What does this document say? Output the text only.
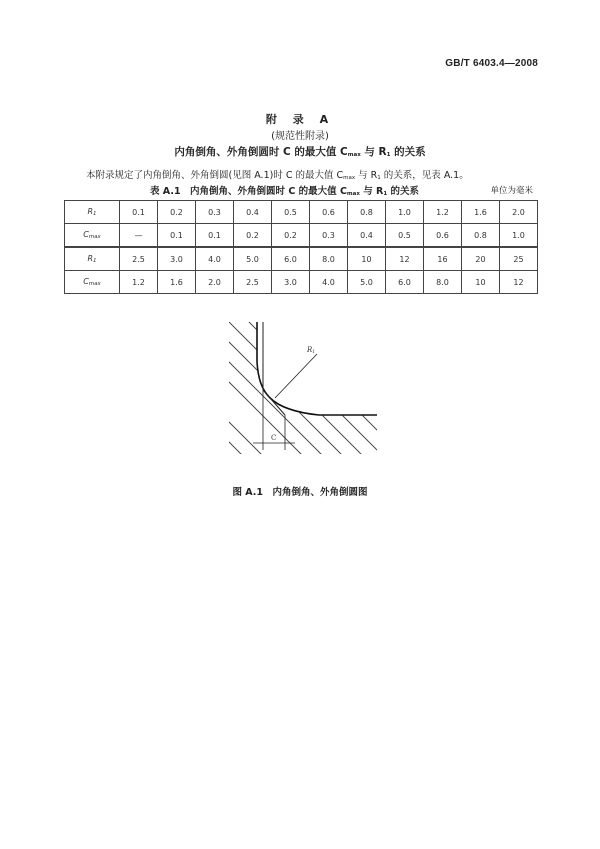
GB/T 6403.4—2008
附 录 A
(规范性附录)
内角倒角、外角倒圆时 C 的最大值 $C_{max}$ 与 $R_1$ 的关系
本附录规定了内角倒角、外角倒圆(见图 A.1)时 C 的最大值 $C_{max}$ 与 $R_1$ 的关系，见表 A.1。
表 A.1　内角倒角、外角倒圆时 C 的最大值 $C_{max}$ 与 $R_1$ 的关系	单位为毫米
$R_1$	0.1	0.2	0.3	0.4	0.5	0.6	0.8	1.0	1.2	1.6	2.0
$C_{max}$	—	0.1	0.1	0.2	0.2	0.3	0.4	0.5	0.6	0.8	1.0
$R_1$	2.5	3.0	4.0	5.0	6.0	8.0	10	12	16	20	25
$C_{max}$	1.2	1.6	2.0	2.5	3.0	4.0	5.0	6.0	8.0	10	12
R1
C
图 A.1　内角倒角、外角倒圆图
